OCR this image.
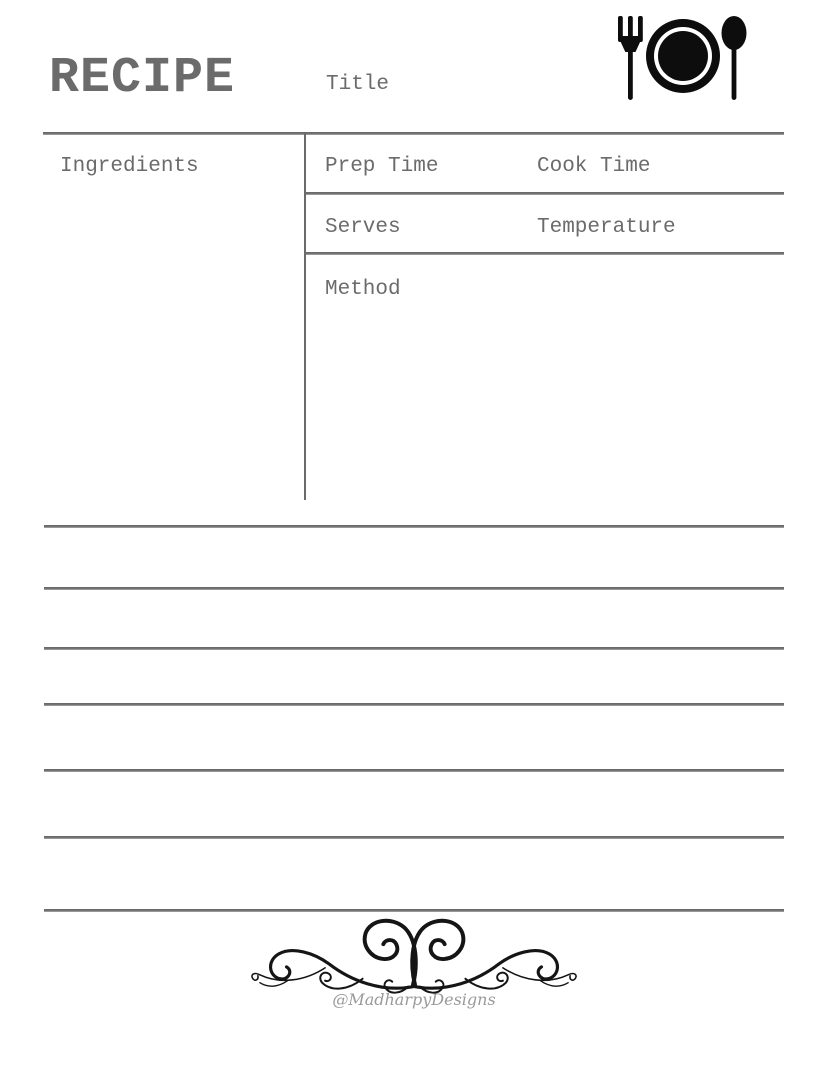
RECIPE	Title
Ingredients	Prep Time	Cook Time
Serves	Temperature
Method
@MadharpyDesigns
